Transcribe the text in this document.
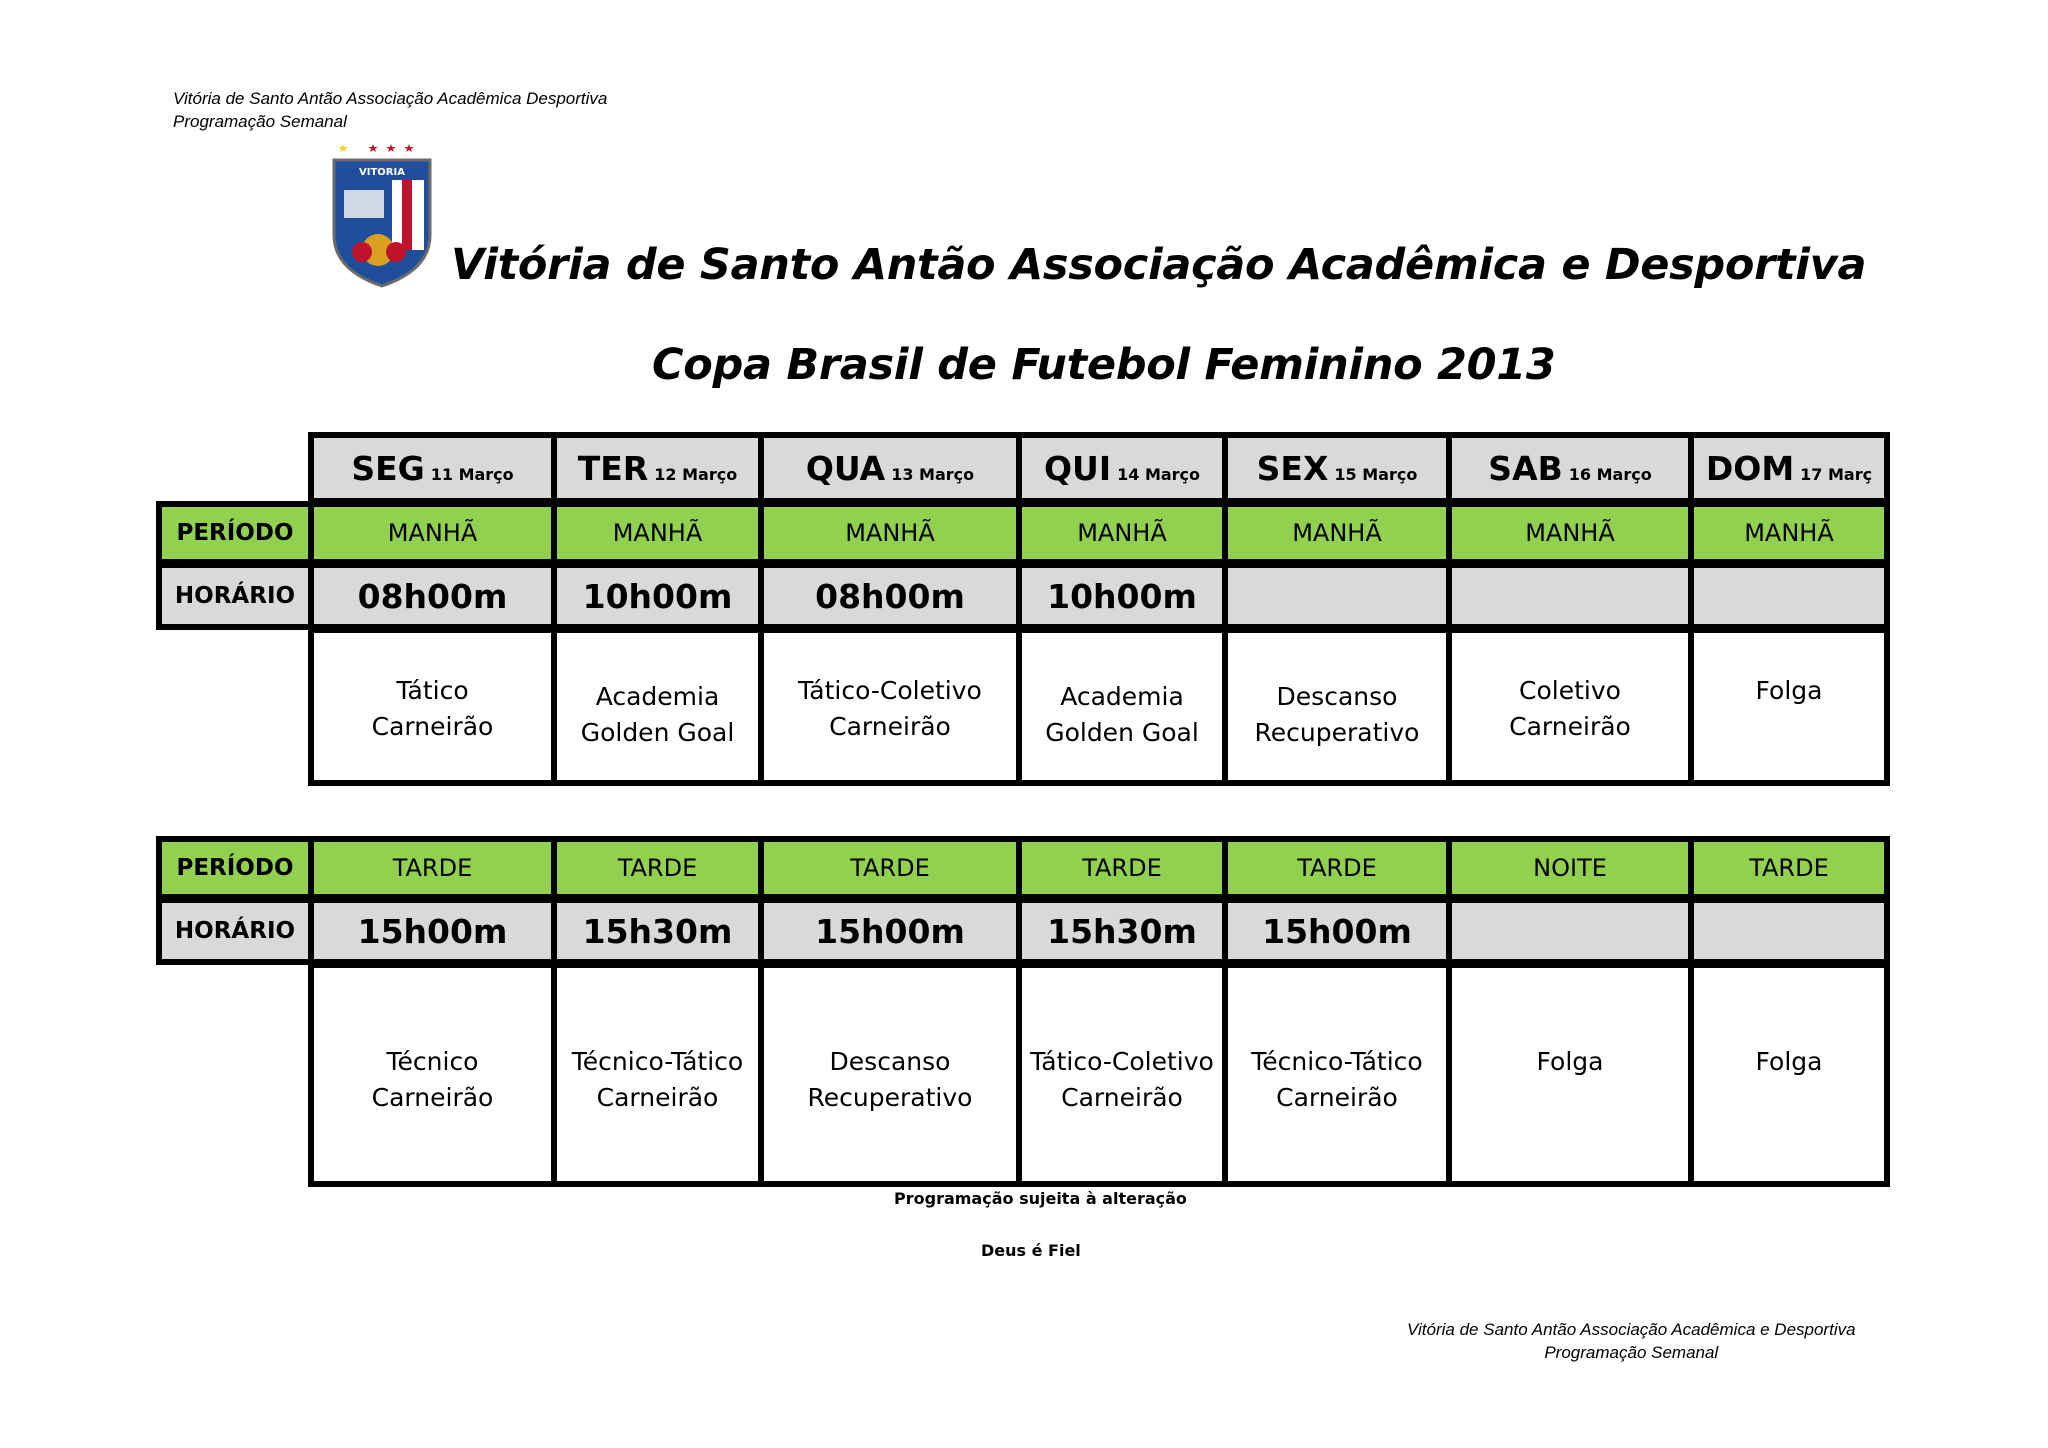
Vitória de Santo Antão Associação Acadêmica Desportiva
Programação Semanal
VITORIA
Vitória de Santo Antão Associação Acadêmica e Desportiva
Copa Brasil de Futebol Feminino 2013
SEG 11 Março TER 12 Março QUA 13 Março QUI 14 Março SEX 15 Março SAB 16 Março DOM 17 Març
PERÍODO
HORÁRIO
MANHÃ
08h00m
Tático
Carneirão
MANHÃ
10h00m
Academia
Golden Goal
MANHÃ
08h00m
Tático-Coletivo
Carneirão
MANHÃ
10h00m
Academia
Golden Goal
MANHÃ
Descanso
Recuperativo
MANHÃ
Coletivo
Carneirão
MANHÃ
Folga
PERÍODO
HORÁRIO
TARDE
15h00m
Técnico
Carneirão
TARDE
15h30m
Técnico-Tático
Carneirão
TARDE
15h00m
Descanso
Recuperativo
TARDE
15h30m
Tático-Coletivo
Carneirão
TARDE
15h00m
Técnico-Tático
Carneirão
NOITE
Folga
TARDE
Folga
Programação sujeita à alteração
Deus é Fiel
Vitória de Santo Antão Associação Acadêmica e Desportiva
Programação Semanal
